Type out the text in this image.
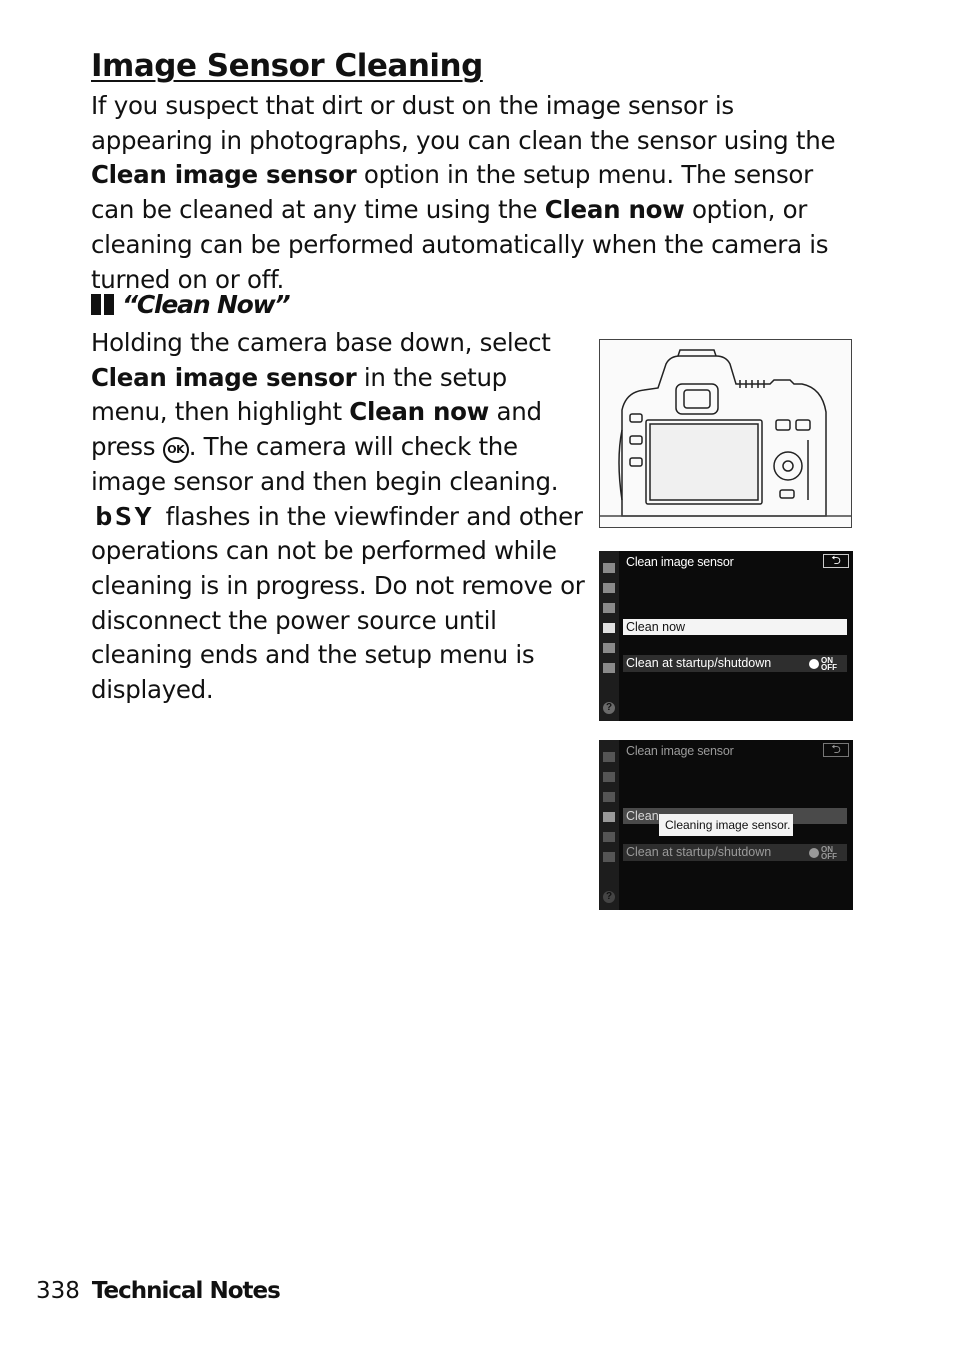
Image Sensor Cleaning

If you suspect that dirt or dust on the image sensor is appearing in photographs, you can clean the sensor using the Clean image sensor option in the setup menu. The sensor can be cleaned at any time using the Clean now option, or cleaning can be performed automatically when the camera is turned on or off.

“Clean Now”

Holding the camera base down, select Clean image sensor in the setup menu, then highlight Clean now and press OK . The camera will check the image sensor and then begin cleaning. bSY flashes in the viewfinder and other operations can not be performed while cleaning is in progress. Do not remove or disconnect the power source until cleaning ends and the setup menu is displayed.

?
Clean image sensor	⮌
Clean now
Clean at startup/shutdown	ON
OFF
?
Clean image sensor	⮌
Clean
Clean at startup/shutdown	ON
OFF
Cleaning image sensor.
338 Technical Notes
